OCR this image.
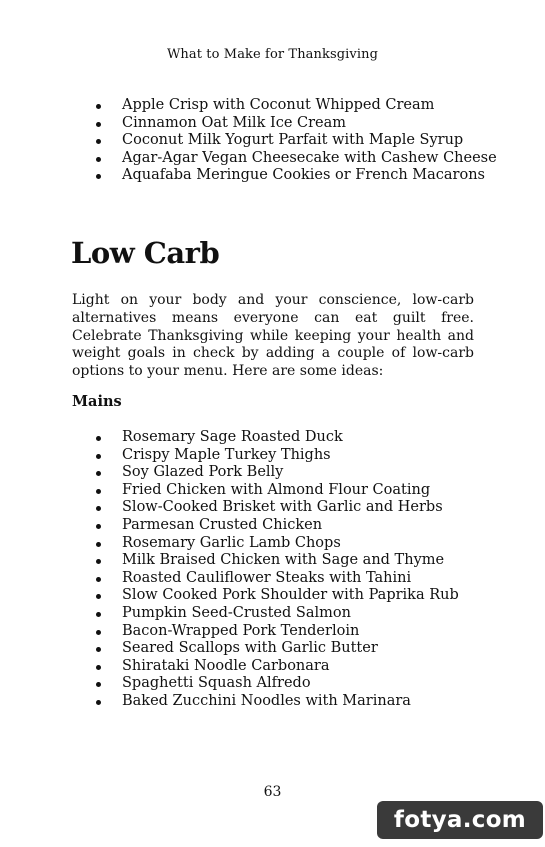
What to Make for Thanksgiving
Apple Crisp with Coconut Whipped Cream
Cinnamon Oat Milk Ice Cream
Coconut Milk Yogurt Parfait with Maple Syrup
Agar-Agar Vegan Cheesecake with Cashew Cheese
Aquafaba Meringue Cookies or French Macarons
Low Carb

Light on your body and your conscience, low-carb alternatives means everyone can eat guilt free. Celebrate Thanksgiving while keeping your health and weight goals in check by adding a couple of low-carb options to your menu. Here are some ideas:

Mains
Rosemary Sage Roasted Duck
Crispy Maple Turkey Thighs
Soy Glazed Pork Belly
Fried Chicken with Almond Flour Coating
Slow-Cooked Brisket with Garlic and Herbs
Parmesan Crusted Chicken
Rosemary Garlic Lamb Chops
Milk Braised Chicken with Sage and Thyme
Roasted Cauliflower Steaks with Tahini
Slow Cooked Pork Shoulder with Paprika Rub
Pumpkin Seed-Crusted Salmon
Bacon-Wrapped Pork Tenderloin
Seared Scallops with Garlic Butter
Shirataki Noodle Carbonara
Spaghetti Squash Alfredo
Baked Zucchini Noodles with Marinara
63
fotya.com
